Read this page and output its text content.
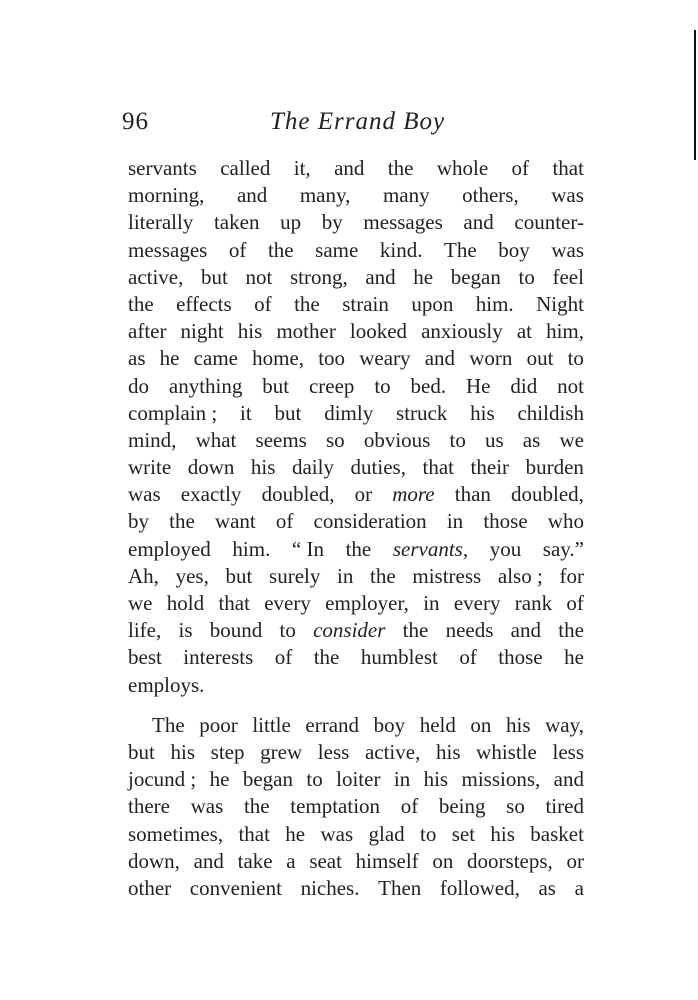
96	The Errand Boy
servants called it, and the whole of that
morning, and many, many others, was
literally taken up by messages and counter-
messages of the same kind. The boy was
active, but not strong, and he began to feel
the effects of the strain upon him. Night
after night his mother looked anxiously at him,
as he came home, too weary and worn out to
do anything but creep to bed. He did not
complain ; it but dimly struck his childish
mind, what seems so obvious to us as we
write down his daily duties, that their burden
was exactly doubled, or more than doubled,
by the want of consideration in those who
employed him. “ In the servants, you say.”
Ah, yes, but surely in the mistress also ; for
we hold that every employer, in every rank of
life, is bound to consider the needs and the
best interests of the humblest of those he
employs.
The poor little errand boy held on his way,
but his step grew less active, his whistle less
jocund ; he began to loiter in his missions, and
there was the temptation of being so tired
sometimes, that he was glad to set his basket
down, and take a seat himself on doorsteps, or
other convenient niches. Then followed, as a
